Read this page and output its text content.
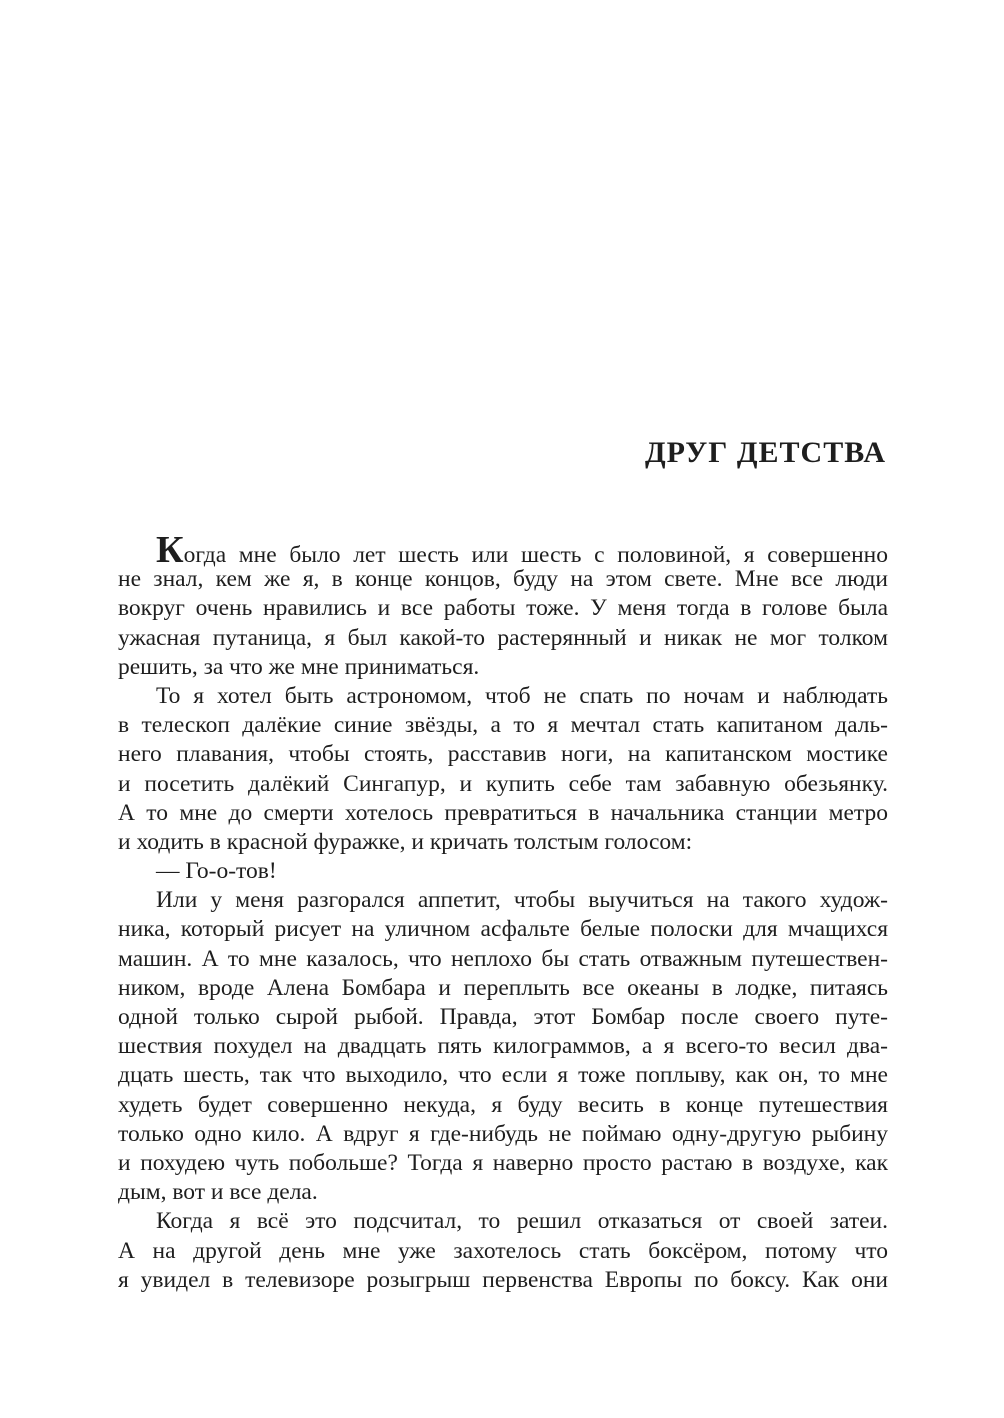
ДРУГ ДЕТСТВА
Когда мне было лет шесть или шесть с половиной, я совершенно
не знал, кем же я, в конце концов, буду на этом свете. Мне все люди
вокруг очень нравились и все работы тоже. У меня тогда в голове была
ужасная путаница, я был какой-то растерянный и никак не мог толком
решить, за что же мне приниматься.
То я хотел быть астрономом, чтоб не спать по ночам и наблюдать
в телескоп далёкие синие звёзды, а то я мечтал стать капитаном даль-
него плавания, чтобы стоять, расставив ноги, на капитанском мостике
и посетить далёкий Сингапур, и купить себе там забавную обезьянку.
А то мне до смерти хотелось превратиться в начальника станции метро
и ходить в красной фуражке, и кричать толстым голосом:
— Го-о-тов!
Или у меня разгорался аппетит, чтобы выучиться на такого худож-
ника, который рисует на уличном асфальте белые полоски для мчащихся
машин. А то мне казалось, что неплохо бы стать отважным путешествен-
ником, вроде Алена Бомбара и переплыть все океаны в лодке, питаясь
одной только сырой рыбой. Правда, этот Бомбар после своего путе-
шествия похудел на двадцать пять килограммов, а я всего-то весил два-
дцать шесть, так что выходило, что если я тоже поплыву, как он, то мне
худеть будет совершенно некуда, я буду весить в конце путешествия
только одно кило. А вдруг я где-нибудь не поймаю одну-другую рыбину
и похудею чуть побольше? Тогда я наверно просто растаю в воздухе, как
дым, вот и все дела.
Когда я всё это подсчитал, то решил отказаться от своей затеи.
А на другой день мне уже захотелось стать боксёром, потому что
я увидел в телевизоре розыгрыш первенства Европы по боксу. Как они
